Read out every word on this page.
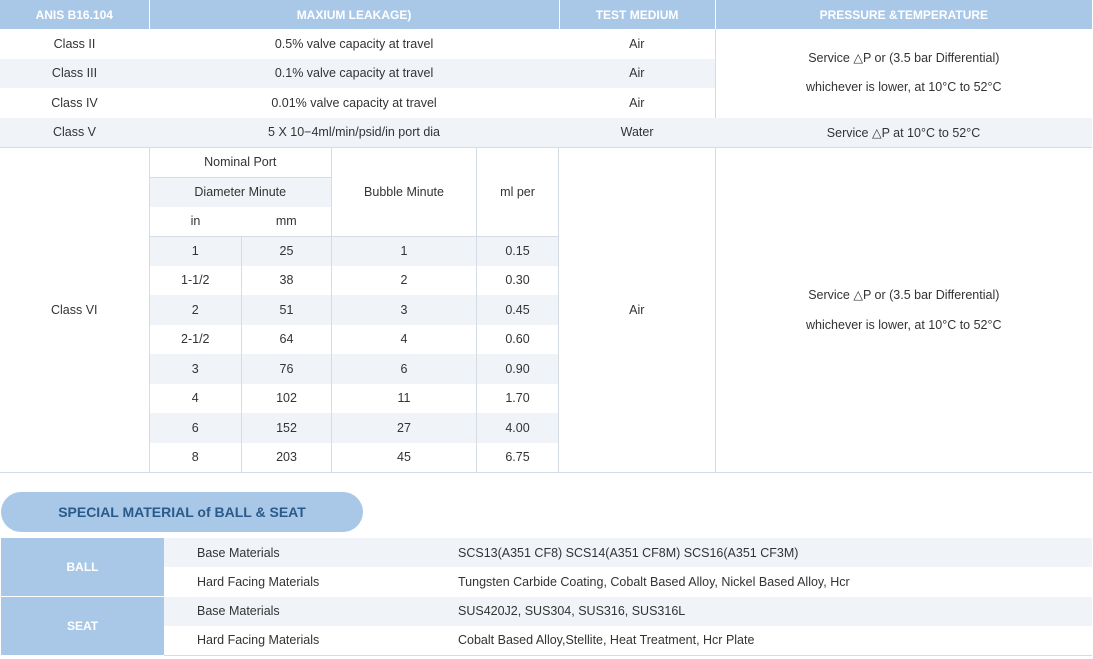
ANIS B16.104	MAXIUM LEAKAGE)	TEST MEDIUM	PRESSURE &TEMPERATURE
Class II	0.5% valve capacity at travel	Air	
Service △P or (3.5 bar Differential)
whichever is lower, at 10°C to 52°C

Class III	0.1% valve capacity at travel	Air
Class IV	0.01% valve capacity at travel	Air
Class V	5 X 10−4ml/min/psid/in port dia	Water	Service △P at 10°C to 52°C
Class VI	
Nominal Port	Bubble Minute	ml per
Diameter Minute
in	mm
1	25	1	0.15
1-1/2	38	2	0.30
2	51	3	0.45
2-1/2	64	4	0.60
3	76	6	0.90
4	102	11	1.70
6	152	27	4.00
8	203	45	6.75
	Air	
Service △P or (3.5 bar Differential)
whichever is lower, at 10°C to 52°C
SPECIAL MATERIAL of BALL & SEAT
BALL	Base Materials	SCS13(A351 CF8) SCS14(A351 CF8M) SCS16(A351 CF3M)
	Hard Facing Materials	Tungsten Carbide Coating, Cobalt Based Alloy, Nickel Based Alloy, Hcr
SEAT	Base Materials	SUS420J2, SUS304, SUS316, SUS316L
	Hard Facing Materials	Cobalt Based Alloy,Stellite, Heat Treatment, Hcr Plate
